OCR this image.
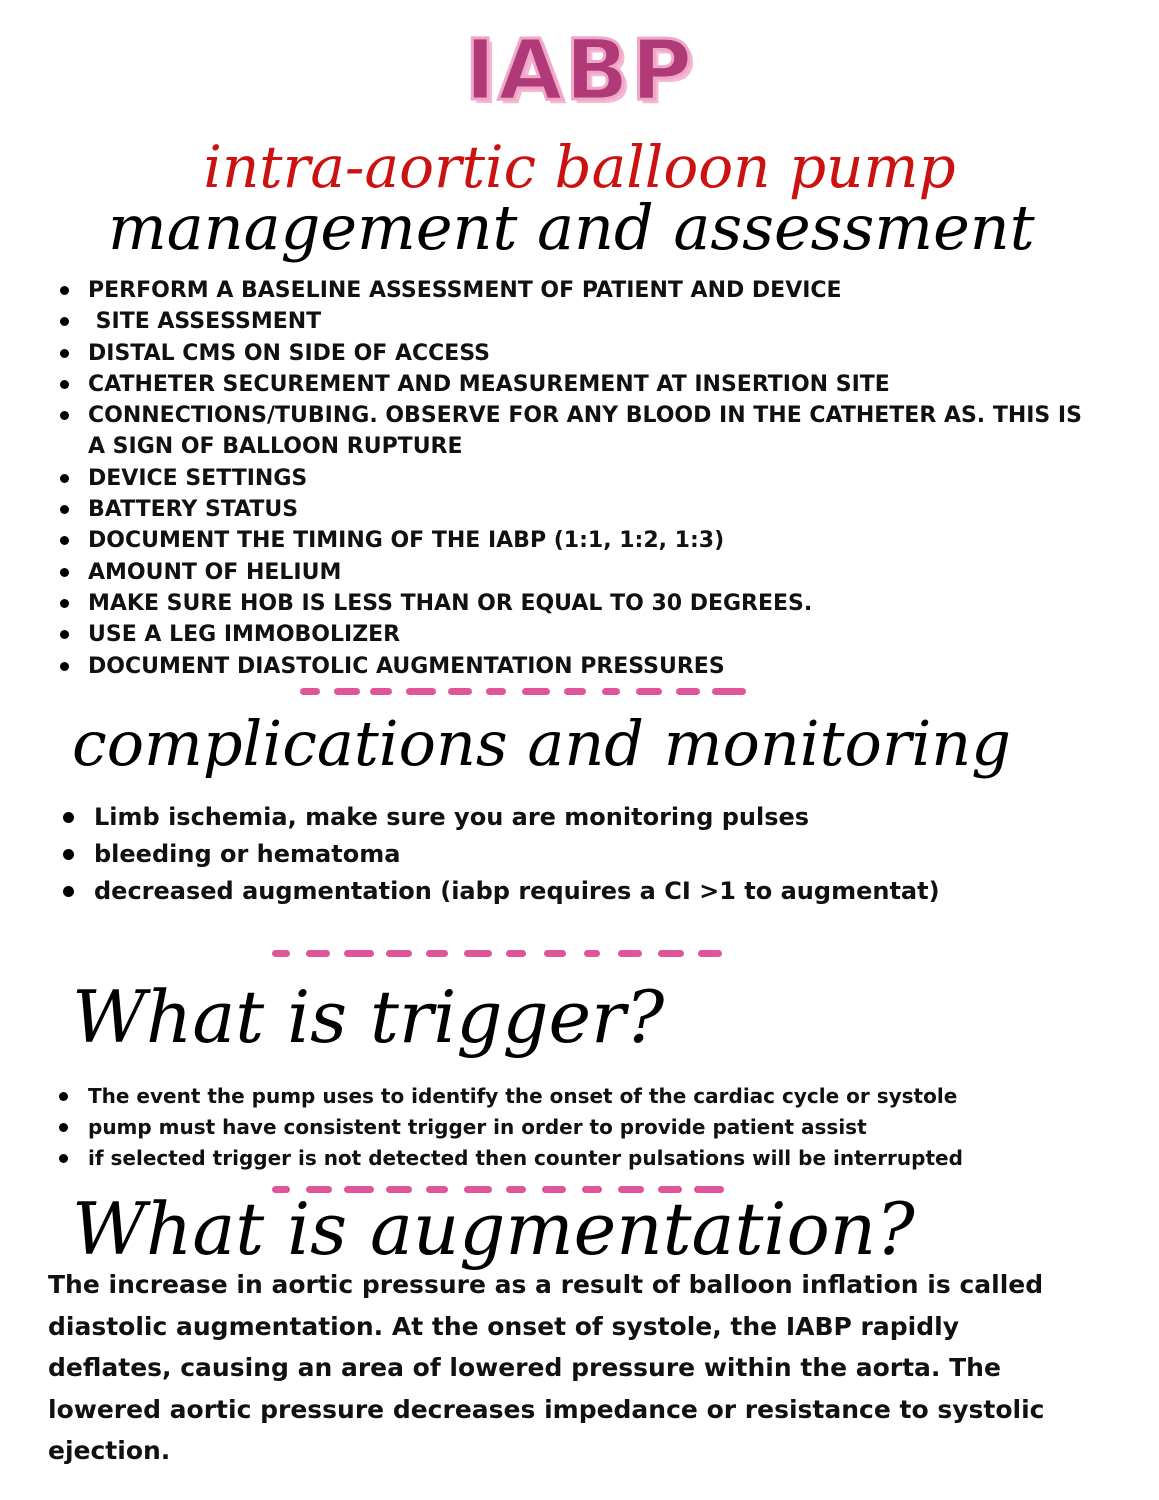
IABP
intra-aortic balloon pump
management and assessment
PERFORM A BASELINE ASSESSMENT OF PATIENT AND DEVICE
SITE ASSESSMENT
DISTAL CMS ON SIDE OF ACCESS
CATHETER SECUREMENT AND MEASUREMENT AT INSERTION SITE
CONNECTIONS/TUBING. OBSERVE FOR ANY BLOOD IN THE CATHETER AS. THIS IS A SIGN OF BALLOON RUPTURE
DEVICE SETTINGS
BATTERY STATUS
DOCUMENT THE TIMING OF THE IABP (1:1, 1:2, 1:3)
AMOUNT OF HELIUM
MAKE SURE HOB IS LESS THAN OR EQUAL TO 30 DEGREES.
USE A LEG IMMOBOLIZER
DOCUMENT DIASTOLIC AUGMENTATION PRESSURES
complications and monitoring
Limb ischemia, make sure you are monitoring pulses
bleeding or hematoma
decreased augmentation (iabp requires a CI >1 to augmentat)
What is trigger?
The event the pump uses to identify the onset of the cardiac cycle or systole
pump must have consistent trigger in order to provide patient assist
if selected trigger is not detected then counter pulsations will be interrupted
What is augmentation?
The increase in aortic pressure as a result of balloon inflation is called diastolic augmentation. At the onset of systole, the IABP rapidly deflates, causing an area of lowered pressure within the aorta. The lowered aortic pressure decreases impedance or resistance to systolic ejection.
